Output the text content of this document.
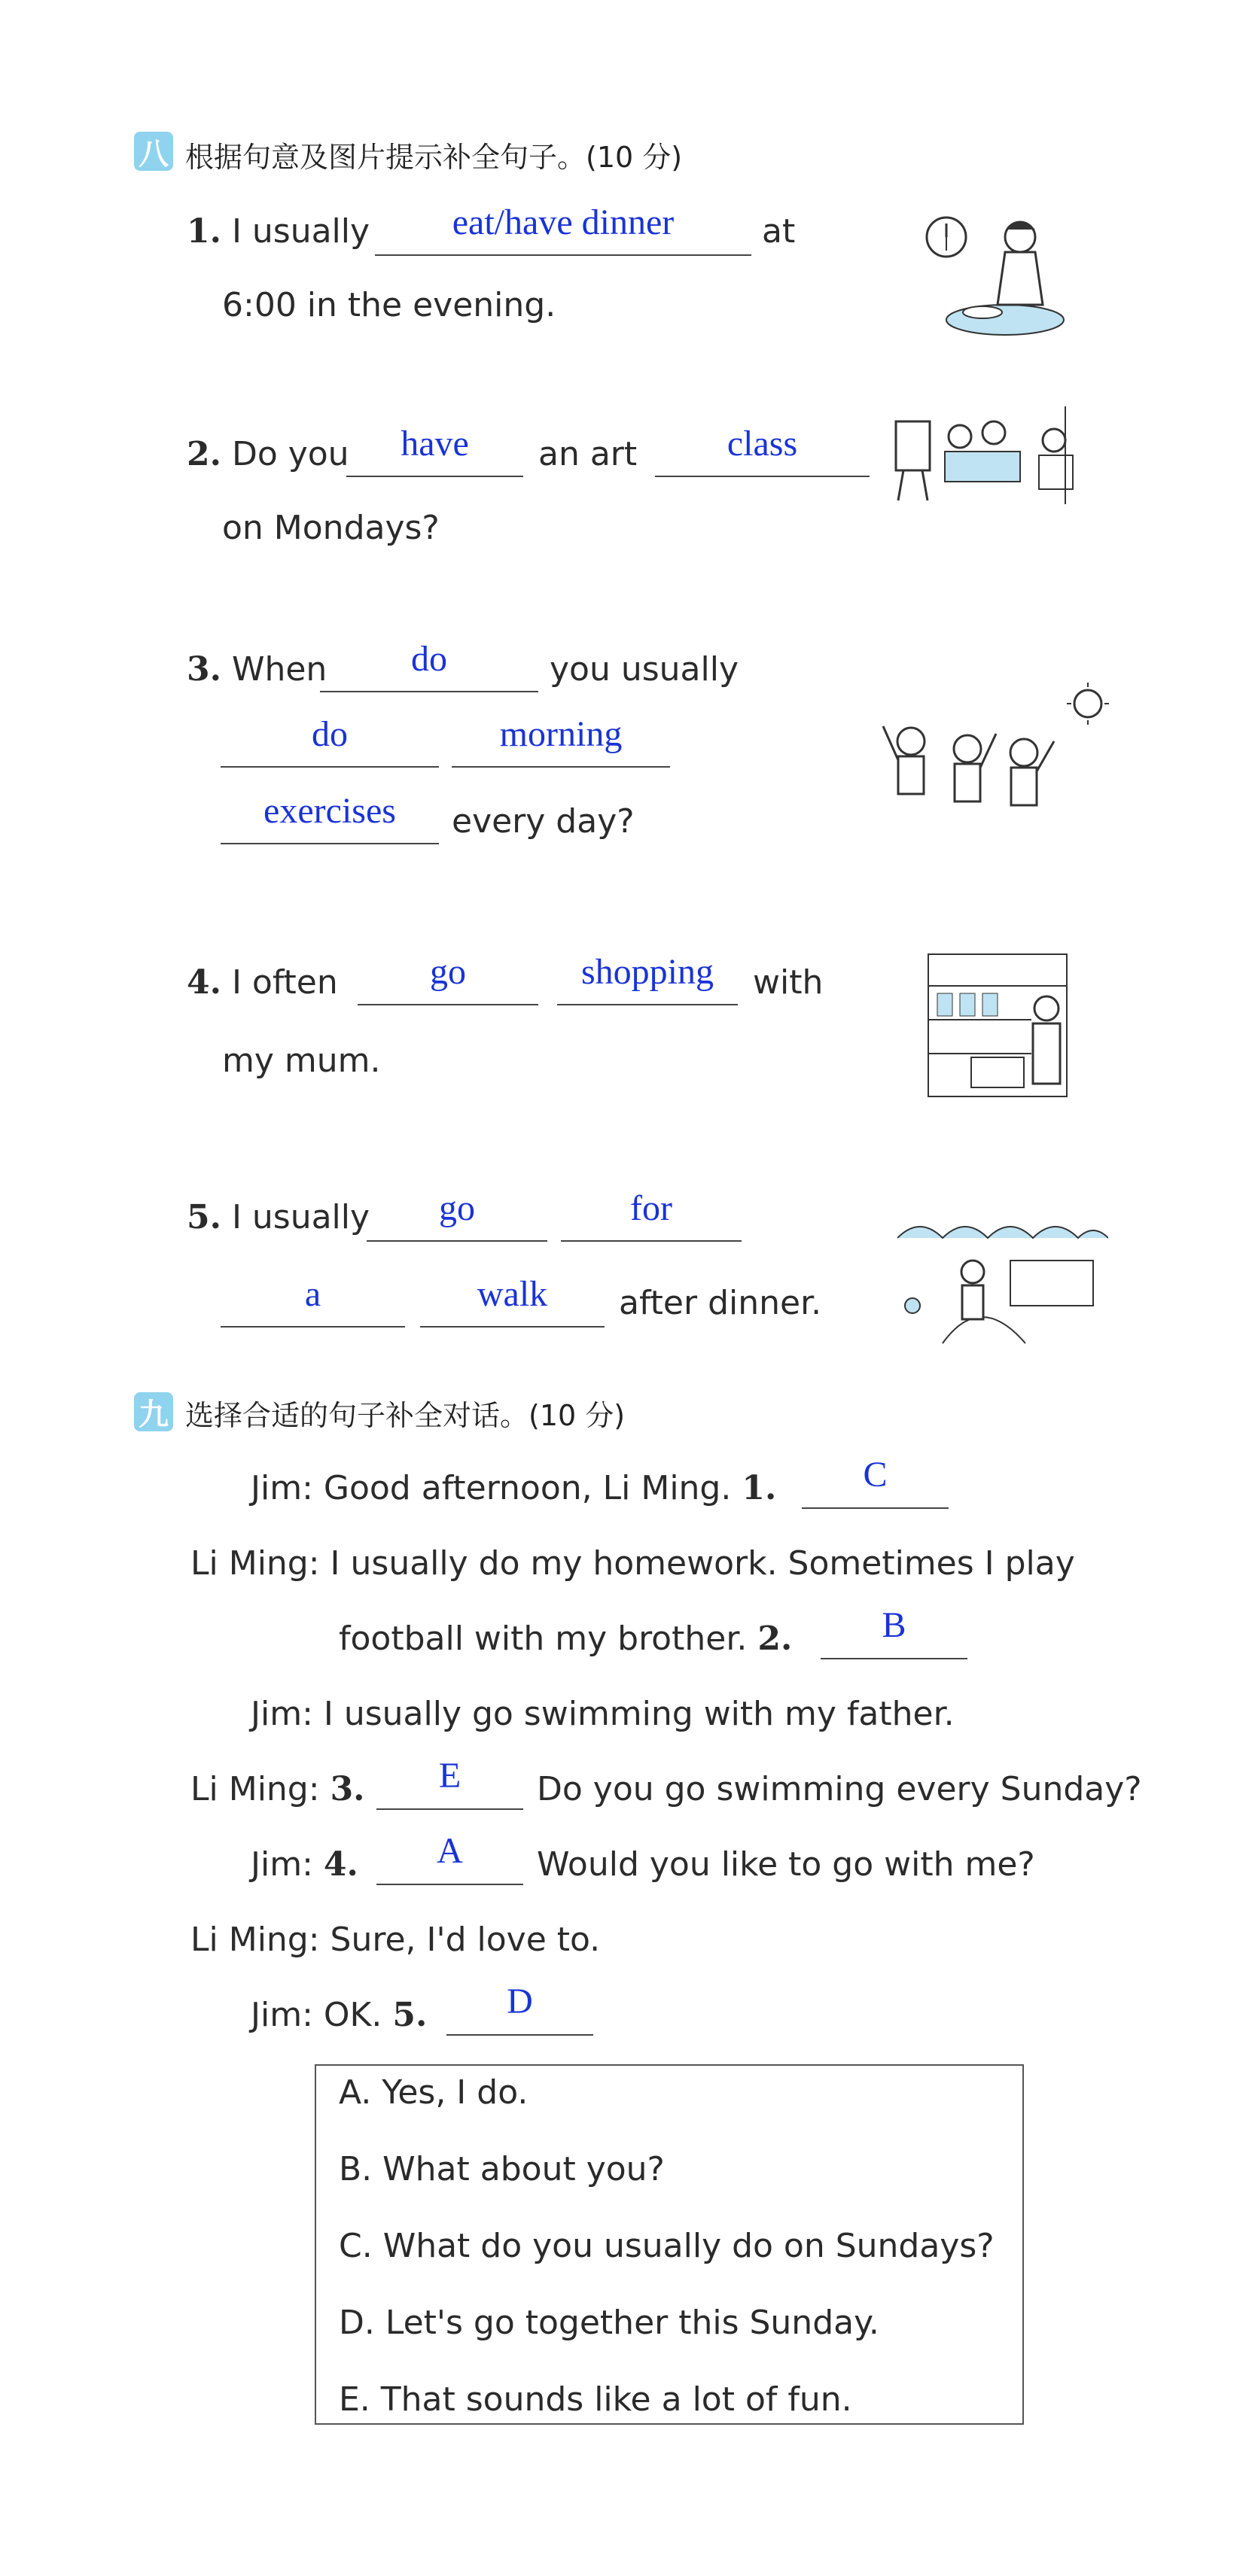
八 根据句意及图片提示补全句子。(10 分)
1. I usually	eat/have dinner	at
6:00 in the evening.
2. Do you	have	an art	class
on Mondays?
3. When	do	you usually
do	morning
exercises	every day?
4. I often	go	shopping	with
my mum.
5. I usually	go	for
a	walk	after dinner.
九 选择合适的句子补全对话。(10 分)
Jim: Good afternoon, Li Ming. 1.	C
Li Ming: I usually do my homework. Sometimes I play
football with my brother. 2.	B
Jim: I usually go swimming with my father.
Li Ming: 3.	E	Do you go swimming every Sunday?
Jim: 4.	A	Would you like to go with me?
Li Ming: Sure, I'd love to.
Jim: OK. 5.	D
A. Yes, I do.
B. What about you?
C. What do you usually do on Sundays?
D. Let's go together this Sunday.
E. That sounds like a lot of fun.
